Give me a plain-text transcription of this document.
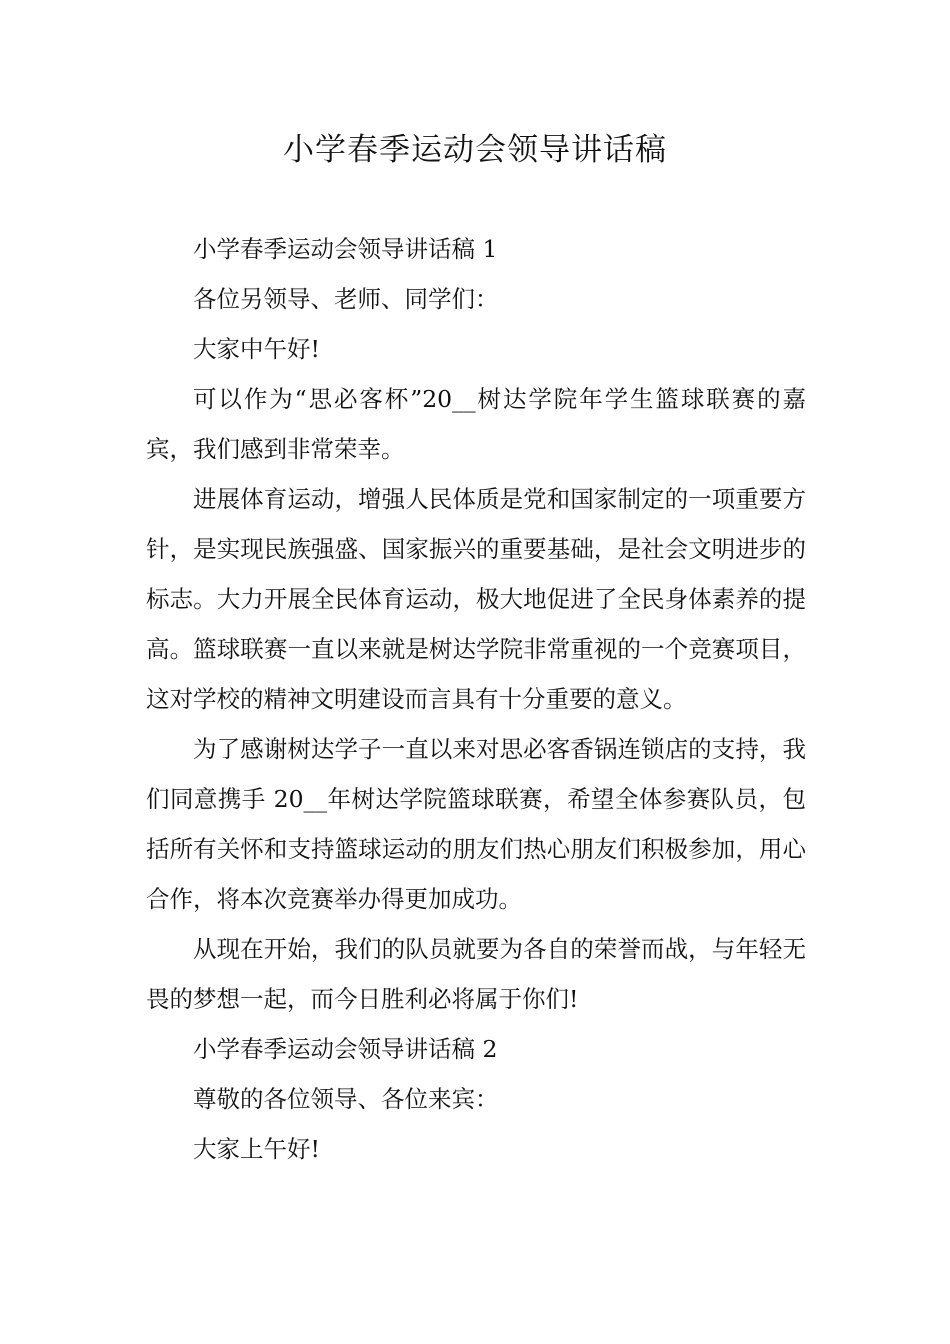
小学春季运动会领导讲话稿

小学春季运动会领导讲话稿 1

各位另领导、老师、同学们：

大家中午好!

可以作为“思必客杯”20__树达学院年学生篮球联赛的嘉宾，我们感到非常荣幸。

进展体育运动，增强人民体质是党和国家制定的一项重要方针，是实现民族强盛、国家振兴的重要基础，是社会文明进步的标志。大力开展全民体育运动，极大地促进了全民身体素养的提高。篮球联赛一直以来就是树达学院非常重视的一个竞赛项目，这对学校的精神文明建设而言具有十分重要的意义。

为了感谢树达学子一直以来对思必客香锅连锁店的支持，我们同意携手 20__年树达学院篮球联赛，希望全体参赛队员，包括所有关怀和支持篮球运动的朋友们热心朋友们积极参加，用心合作，将本次竞赛举办得更加成功。

从现在开始，我们的队员就要为各自的荣誉而战，与年轻无畏的梦想一起，而今日胜利必将属于你们!

小学春季运动会领导讲话稿 2

尊敬的各位领导、各位来宾：

大家上午好!
